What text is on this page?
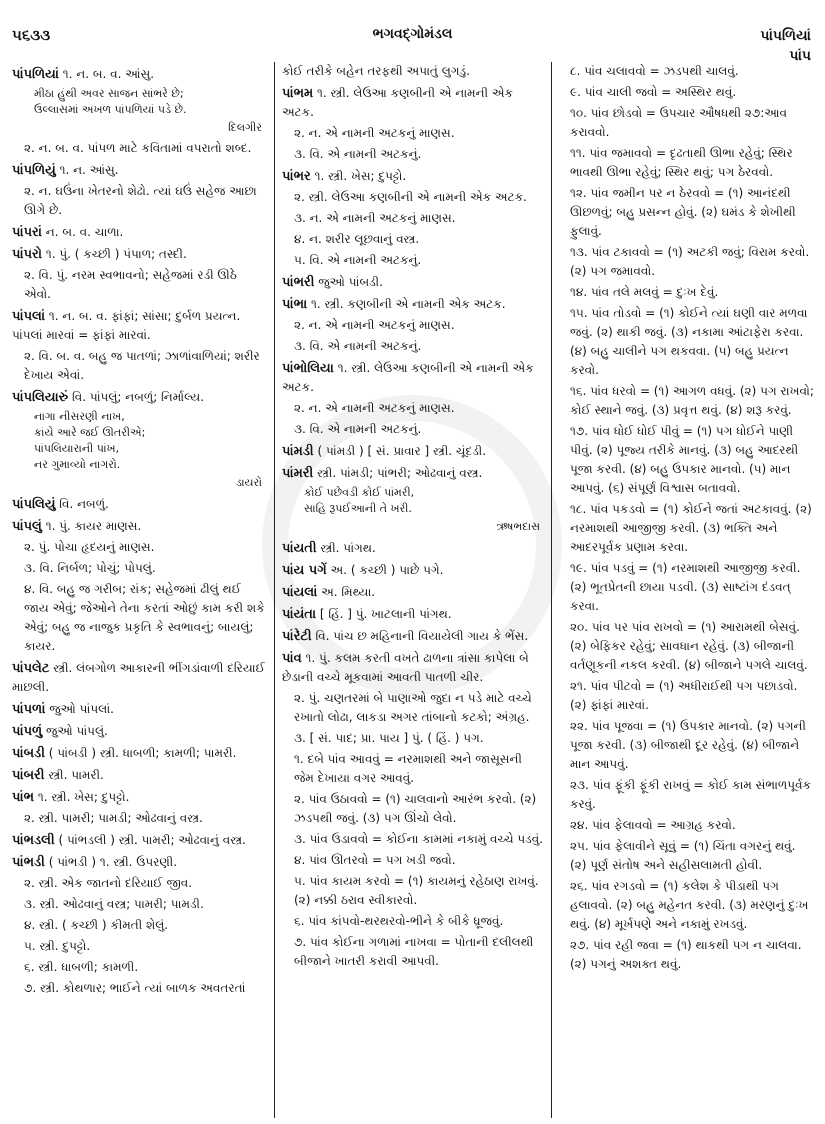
૫૬૩૩	ભગવદ્ગોમંડલ	પાંપળિયાં
પાંપ

પાંપળિયાં ૧. ન. બ. વ. આંસુ.

મીઠા હુંથી અવર સાજન સાંભરે છે;

ઉલ્લાસમાં અખળ પાંપળિયાં પડે છે.

દિલગીર

૨. ન. બ. વ. પાંપળ માટે કવિતામાં વપરાતો શબ્દ.

પાંપળિયું ૧. ન. આંસુ.

૨. ન. ઘઉંના ખેતરનો શેઢો. ત્યાં ઘઉં સહેજ આછા ઊગે છે.

પાંપરાં ન. બ. વ. ચાળા.

પાંપરો ૧. પું. ( કચ્છી ) પંપાળ; તસ્દી.

૨. વિ. પું. નરમ સ્વભાવનો; સહેજમાં રડી ઊઠે એવો.

પાંપલાં ૧. ન. બ. વ. ફાંફાં; સાંસા; દુર્બળ પ્રયત્ન. પાંપલાં મારવાં = ફાંફાં મારવાં.

૨. વિ. બ. વ. બહુ જ પાતળાં; ઝાળાંવાળિયાં; શરીર દેખાય એવાં.

પાંપલિયારું વિ. પાંપલું; નબળું; નિર્માલ્ય.

નાગા નીસરણી નાખ,

કાંયે આરે જઈ ઊતરીએ;

પાંપલિયારાની પાંખ,

નર ગુમાવ્યો નાગરો.

ડાયરો

પાંપલિયું વિ. નબળું.

પાંપલું ૧. પું. કાયર માણસ.

૨. પું. પોચા હૃદયનું માણસ.

૩. વિ. નિર્બળ; પોચું; પોપલું.

૪. વિ. બહુ જ ગરીબ; રાંક; સહેજમાં ઢીલું થઈ જાય એવું; જેઓને તેના કરતાં ઓછું કામ કરી શકે એવું; બહુ જ નાજુક પ્રકૃતિ કે સ્વભાવનું; બાયલું; કાયર.

પાંપલેટ સ્ત્રી. લંબગોળ આકારની ભીંગડાંવાળી દરિયાઈ માછલી.

પાંપળાં જુઓ પાંપલાં.

પાંપળું જુઓ પાંપલું.

પાંબડી ( પાંબડી ) સ્ત્રી. ધાબળી; કામળી; પામરી.

પાંબરી સ્ત્રી. પામરી.

પાંભ ૧. સ્ત્રી. ખેસ; દુપટ્ટો.

૨. સ્ત્રી. પામરી; પામડી; ઓઢવાનું વસ્ત્ર.

પાંભડલી ( પાંભડલી ) સ્ત્રી. પામરી; ઓઢવાનું વસ્ત્ર.

પાંભડી ( પાંભડી ) ૧. સ્ત્રી. ઉપરણી.

૨. સ્ત્રી. એક જાતનો દરિયાઈ જીવ.

૩. સ્ત્રી. ઓઢવાનું વસ્ત્ર; પામરી; પામડી.

૪. સ્ત્રી. ( કચ્છી ) કીમતી શેલું.

૫. સ્ત્રી. દુપટ્ટો.

૬. સ્ત્રી. ધાબળી; કામળી.

૭. સ્ત્રી. કોથળાર; ભાઈને ત્યાં બાળક અવતરતાં

કોઈ તરીકે બહેન તરફથી અપાતું લુગડું.

પાંભમ ૧. સ્ત્રી. લેઉઆ કણબીની એ નામની એક અટક.

૨. ન. એ નામની અટકનું માણસ.

૩. વિ. એ નામની અટકનું.

પાંભર ૧. સ્ત્રી. ખેસ; દુપટ્ટો.

૨. સ્ત્રી. લેઉઆ કણબીની એ નામની એક અટક.

૩. ન. એ નામની અટકનું માણસ.

૪. ન. શરીર લૂછવાનું વસ્ત્ર.

૫. વિ. એ નામની અટકનું.

પાંભરી જુઓ પાંબડી.

પાંભા ૧. સ્ત્રી. કણબીની એ નામની એક અટક.

૨. ન. એ નામની અટકનું માણસ.

૩. વિ. એ નામની અટકનું.

પાંભોલિયા ૧. સ્ત્રી. લેઉઆ કણબીની એ નામની એક અટક.

૨. ન. એ નામની અટકનું માણસ.

૩. વિ. એ નામની અટકનું.

પાંમડી ( પાંમડી ) [ સં. પ્રાવાર ] સ્ત્રી. ચૂંદડી.

પાંમરી સ્ત્રી. પાંમડી; પાંભરી; ઓઢવાનું વસ્ત્ર.

કોઈ પછેવડી કોઈ પાંમરી,

સાહિ રૂપઈઆની તે ખરી.

ઋષભદાસ

પાંયતી સ્ત્રી. પાંગથ.

પાંય પગેં અ. ( કચ્છી ) પાછે પગે.

પાંયલાં અ. મિથ્યા.

પાંયંતા [ હિં. ] પું. ખાટલાની પાંગથ.

પાંરેટી વિ. પાંચ છ મહિનાની વિયાયેલી ગાય કે ભેંસ.

પાંવ ૧. પું. કલમ કરતી વખતે ઢાળના ત્રાંસા કાપેલા બે છેડાની વચ્ચે મૂકવામાં આવતી પાતળી ચીર.

૨. પું. ચણતરમાં બે પાણાઓ જુદા ન પડે માટે વચ્ચે રખાતો લોઢા, લાકડા અગર તાંબાનો કટકો; અંગ્રહ.

૩. [ સં. પાદ; પ્રા. પાય ] પું. ( હિં. ) પગ.

૧. દબે પાંવ આવવું = નરમાશથી અને જાસૂસની જેમ દેખાયા વગર આવવું.

૨. પાંવ ઉઠાવવો = (૧) ચાલવાનો આરંભ કરવો. (૨) ઝડપથી જવું. (૩) પગ ઊંચો લેવો.

૩. પાંવ ઉડાવવો = કોઈના કામમાં નકામું વચ્ચે પડવું.

૪. પાંવ ઊતરવો = પગ ખડી જવો.

૫. પાંવ કાયમ કરવો = (૧) કાયમનું રહેઠાણ રાખવું. (૨) નક્કી ઠરાવ સ્વીકારવો.

૬. પાંવ કાંપવો-થરથરવો-ભીને કે બીકે ધ્રૂજવું.

૭. પાંવ કોઈના ગળામાં નાખવા = પોતાની દલીલથી બીજાને ખાતરી કરાવી આપવી.

૮. પાંવ ચલાવવો = ઝડપથી ચાલવું.

૯. પાંવ ચાલી જવો = અસ્થિર થવું.

૧૦. પાંવ છોડવો = ઉપચાર ઔષધથી ૨૭:આવ કરાવવો.

૧૧. પાંવ જમાવવો = દૃઢતાથી ઊભા રહેવું; સ્થિર ભાવથી ઊભા રહેવું; સ્થિર થવું; પગ ઠેરવવો.

૧૨. પાંવ જમીન પર ન ઠેરવવો = (૧) આનંદથી ઊછળવું; બહુ પ્રસન્ન હોવું. (૨) ઘમંડ કે શેખીથી ફુલાવું.

૧૩. પાંવ ટકાવવો = (૧) અટકી જવું; વિરામ કરવો. (૨) પગ જમાવવો.

૧૪. પાંવ તલે મલવું = દુઃખ દેવું.

૧૫. પાંવ તોડવો = (૧) કોઈને ત્યાં ઘણી વાર મળવા જવું. (૨) થાકી જવું. (૩) નકામા આંટાફેરા કરવા. (૪) બહુ ચાલીને પગ થકવવા. (૫) બહુ પ્રયત્ન કરવો.

૧૬. પાંવ ધરવો = (૧) આગળ વધવું. (૨) પગ રાખવો; કોઈ સ્થાને જવું. (૩) પ્રવૃત્ત થવું. (૪) શરૂ કરવું.

૧૭. પાંવ ધોઈ ધોઈ પીવું = (૧) પગ ધોઈને પાણી પીવું. (૨) પૂજ્ય તરીકે માનવું. (૩) બહુ આદરથી પૂજા કરવી. (૪) બહુ ઉપકાર માનવો. (૫) માન આપવું. (૬) સંપૂર્ણ વિશ્વાસ બતાવવો.

૧૮. પાંવ પકડવો = (૧) કોઈને જતાં અટકાવવું. (૨) નરમાશથી આજીજી કરવી. (૩) ભક્તિ અને આદરપૂર્વક પ્રણામ કરવા.

૧૯. પાંવ પડવું = (૧) નરમાશથી આજીજી કરવી. (૨) ભૂતપ્રેતની છાયા પડવી. (૩) સાષ્ટાંગ દંડવત્ કરવા.

૨૦. પાંવ પર પાંવ રાખવો = (૧) આરામથી બેસવું. (૨) બેફિકર રહેવું; સાવધાન રહેવું. (૩) બીજાની વર્તણૂકની નકલ કરવી. (૪) બીજાને પગલે ચાલવું.

૨૧. પાંવ પીટવો = (૧) અધીરાઈથી પગ પછાડવો. (૨) ફાંફાં મારવાં.

૨૨. પાંવ પૂજવા = (૧) ઉપકાર માનવો. (૨) પગની પૂજા કરવી. (૩) બીજાથી દૂર રહેવું. (૪) બીજાને માન આપવું.

૨૩. પાંવ ફૂંકી ફૂંકી રાખવું = કોઈ કામ સંભાળપૂર્વક કરવું.

૨૪. પાંવ ફેલાવવો = આગ્રહ કરવો.

૨૫. પાંવ ફેલાવીને સૂવું = (૧) ચિંતા વગરનું થવું. (૨) પૂર્ણ સંતોષ અને સહીસલામતી હોવી.

૨૬. પાંવ રગડવો = (૧) કલેશ કે પીડાથી પગ હલાવવો. (૨) બહુ મહેનત કરવી. (૩) મરણનું દુઃખ થવું. (૪) મૂર્ખપણે અને નકામું રખડવું.

૨૭. પાંવ રહી જવા = (૧) થાકથી પગ ન ચાલવા. (૨) પગનું અશક્ત થવું.
